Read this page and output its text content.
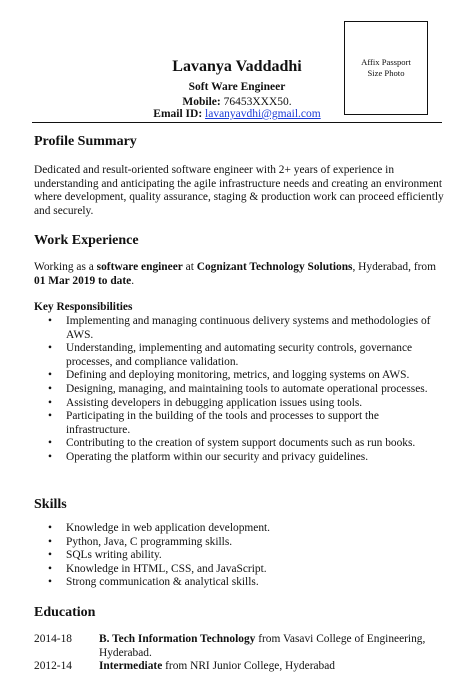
Affix Passport
Size Photo
Lavanya Vaddadhi
Soft Ware Engineer
Mobile: 76453XXX50.
Email ID: lavanyavdhi@gmail.com
Profile Summary
Dedicated and result-oriented software engineer with 2+ years of experience in understanding and anticipating the agile infrastructure needs and creating an environment where development, quality assurance, staging & production work can proceed efficiently and securely.
Work Experience
Working as a software engineer at Cognizant Technology Solutions, Hyderabad, from 01 Mar 2019 to date.
Key Responsibilities
• Implementing and managing continuous delivery systems and methodologies of AWS.
• Understanding, implementing and automating security controls, governance processes, and compliance validation.
• Defining and deploying monitoring, metrics, and logging systems on AWS.
• Designing, managing, and maintaining tools to automate operational processes.
• Assisting developers in debugging application issues using tools.
• Participating in the building of the tools and processes to support the infrastructure.
• Contributing to the creation of system support documents such as run books.
• Operating the platform within our security and privacy guidelines.
Skills
• Knowledge in web application development.
• Python, Java, C programming skills.
• SQLs writing ability.
• Knowledge in HTML, CSS, and JavaScript.
• Strong communication & analytical skills.
Education
2014-18 B. Tech Information Technology from Vasavi College of Engineering, Hyderabad.
2012-14 Intermediate from NRI Junior College, Hyderabad
